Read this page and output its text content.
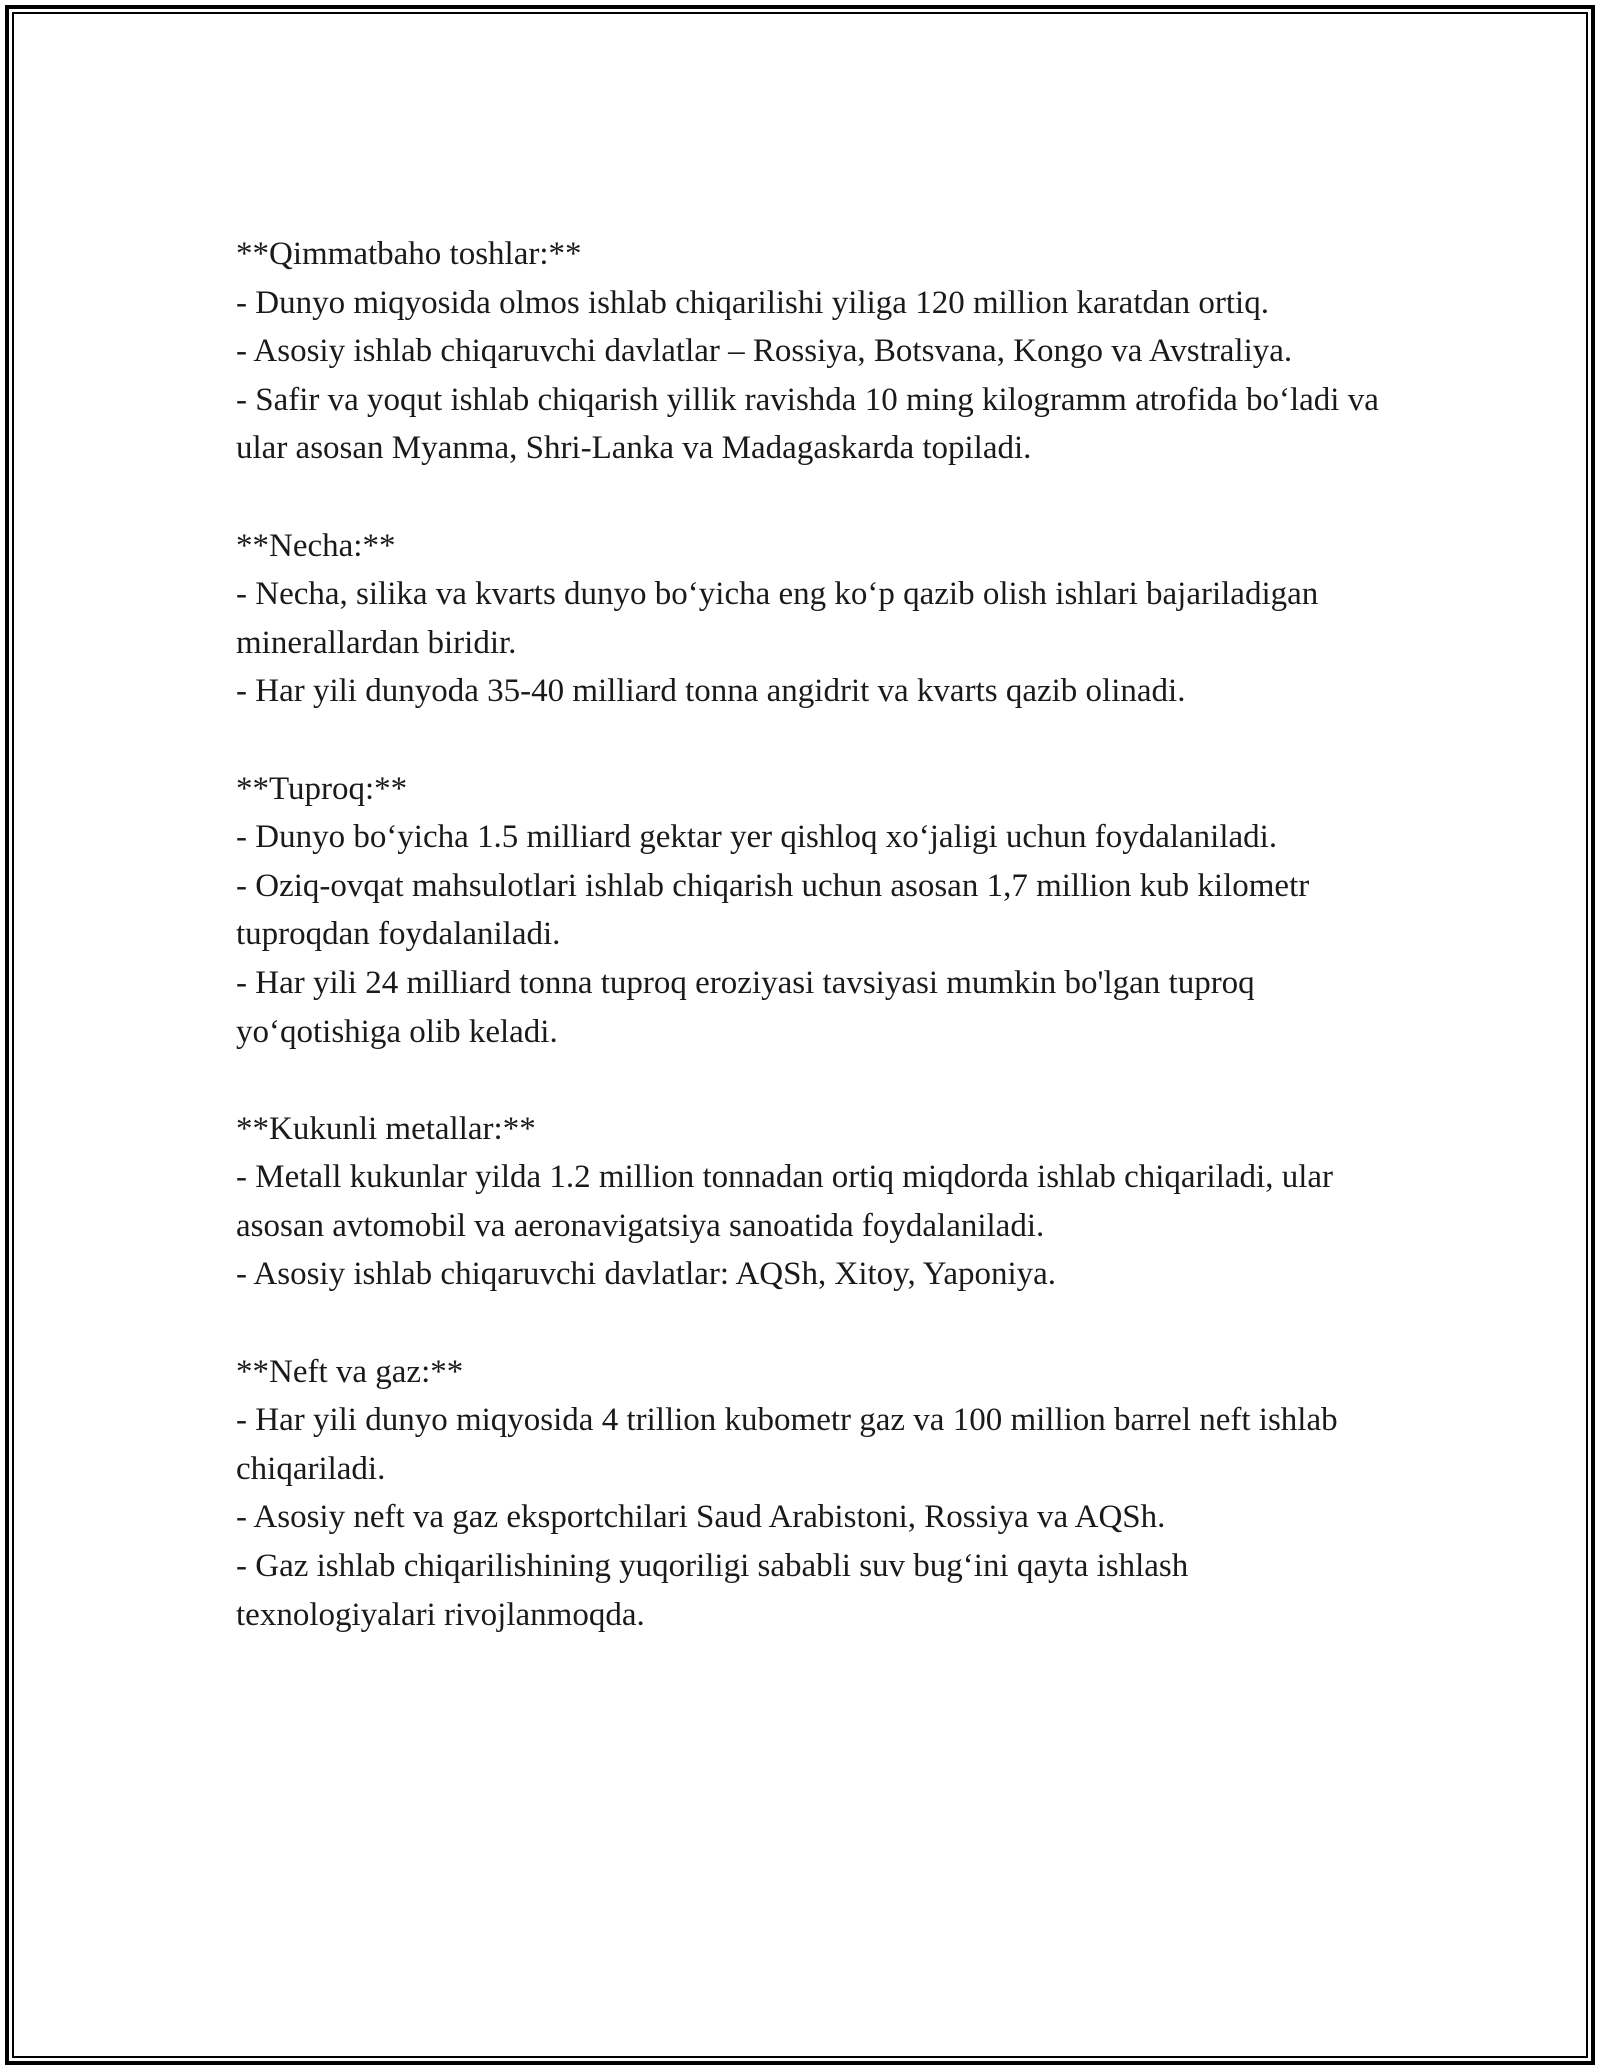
**Qimmatbaho toshlar:**
- Dunyo miqyosida olmos ishlab chiqarilishi yiliga 120 million karatdan ortiq.
- Asosiy ishlab chiqaruvchi davlatlar – Rossiya, Botsvana, Kongo va Avstraliya.
- Safir va yoqut ishlab chiqarish yillik ravishda 10 ming kilogramm atrofida boʻladi va ular asosan Myanma, Shri-Lanka va Madagaskarda topiladi.
**Necha:**
- Necha, silika va kvarts dunyo boʻyicha eng koʻp qazib olish ishlari bajariladigan minerallardan biridir.
- Har yili dunyoda 35-40 milliard tonna angidrit va kvarts qazib olinadi.
**Tuproq:**
- Dunyo boʻyicha 1.5 milliard gektar yer qishloq xoʻjaligi uchun foydalaniladi.
- Oziq-ovqat mahsulotlari ishlab chiqarish uchun asosan 1,7 million kub kilometr tuproqdan foydalaniladi.
- Har yili 24 milliard tonna tuproq eroziyasi tavsiyasi mumkin bo'lgan tuproq yoʻqotishiga olib keladi.
**Kukunli metallar:**
- Metall kukunlar yilda 1.2 million tonnadan ortiq miqdorda ishlab chiqariladi, ular asosan avtomobil va aeronavigatsiya sanoatida foydalaniladi.
- Asosiy ishlab chiqaruvchi davlatlar: AQSh, Xitoy, Yaponiya.
**Neft va gaz:**
- Har yili dunyo miqyosida 4 trillion kubometr gaz va 100 million barrel neft ishlab chiqariladi.
- Asosiy neft va gaz eksportchilari Saud Arabistoni, Rossiya va AQSh.
- Gaz ishlab chiqarilishining yuqoriligi sababli suv bugʻini qayta ishlash texnologiyalari rivojlanmoqda.
